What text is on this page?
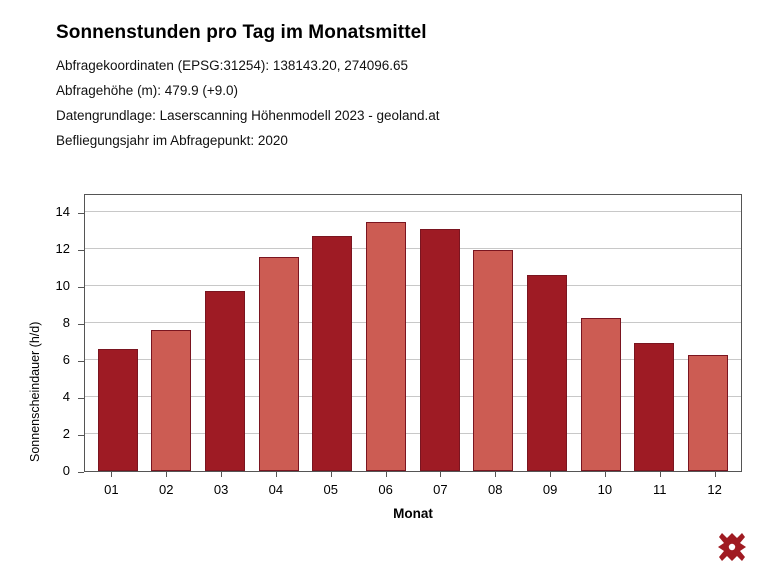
Sonnenstunden pro Tag im Monatsmittel

Abfragekoordinaten (EPSG:31254): 138143.20, 274096.65

Abfragehöhe (m): 479.9 (+9.0)

Datengrundlage: Laserscanning Höhenmodell 2023 - geoland.at

Befliegungsjahr im Abfragepunkt: 2020

0
2
4
6
8
10
12
14
01	02	03	04	05	06	07	08	09	10	11	12
Sonnenscheindauer (h/d)
Monat
